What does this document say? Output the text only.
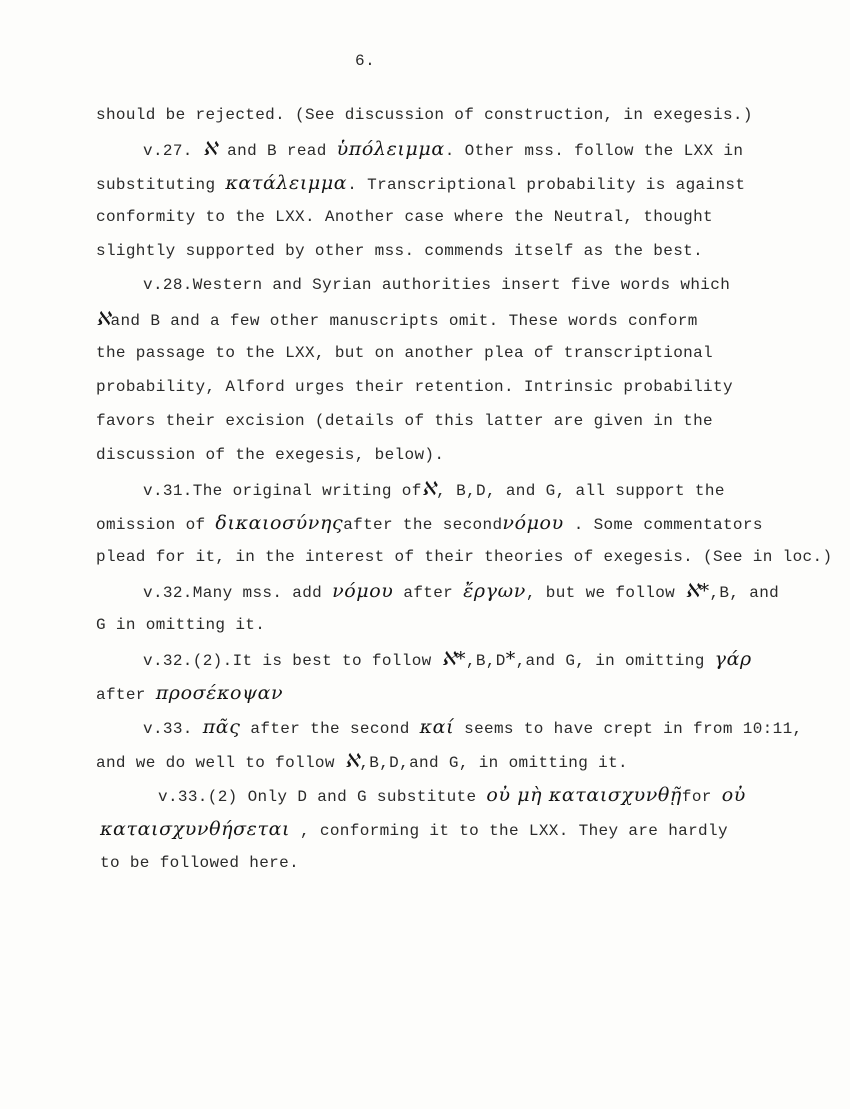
6.
should be rejected. (See discussion of construction, in exegesis.)
v.27. ℵ and B read ὑπόλειμμα. Other mss. follow the LXX in
substituting κατάλειμμα. Transcriptional probability is against
conformity to the LXX. Another case where the Neutral, thought
slightly supported by other mss. commends itself as the best.
v.28.Western and Syrian authorities insert five words which
ℵand B and a few other manuscripts omit. These words conform
the passage to the LXX, but on another plea of transcriptional
probability, Alford urges their retention. Intrinsic probability
favors their excision (details of this latter are given in the
discussion of the exegesis, below).
v.31.The original writing ofℵ, B,D, and G, all support the
omission of δικαιοσύνηςafter the secondνόμου . Some commentators
plead for it, in the interest of their theories of exegesis. (See in loc.)
v.32.Many mss. add νόμου after ἔργων, but we follow ℵ*,B, and
G in omitting it.
v.32.(2).It is best to follow ℵ*,B,D*,and G, in omitting γάρ
after προσέκοψαν
v.33. πᾶς after the second καί seems to have crept in from 10:11,
and we do well to follow ℵ,B,D,and G, in omitting it.
v.33.(2) Only D and G substitute οὐ μὴ καταισχυνθῇfor οὐ
καταισχυνθήσεται , conforming it to the LXX. They are hardly
to be followed here.
